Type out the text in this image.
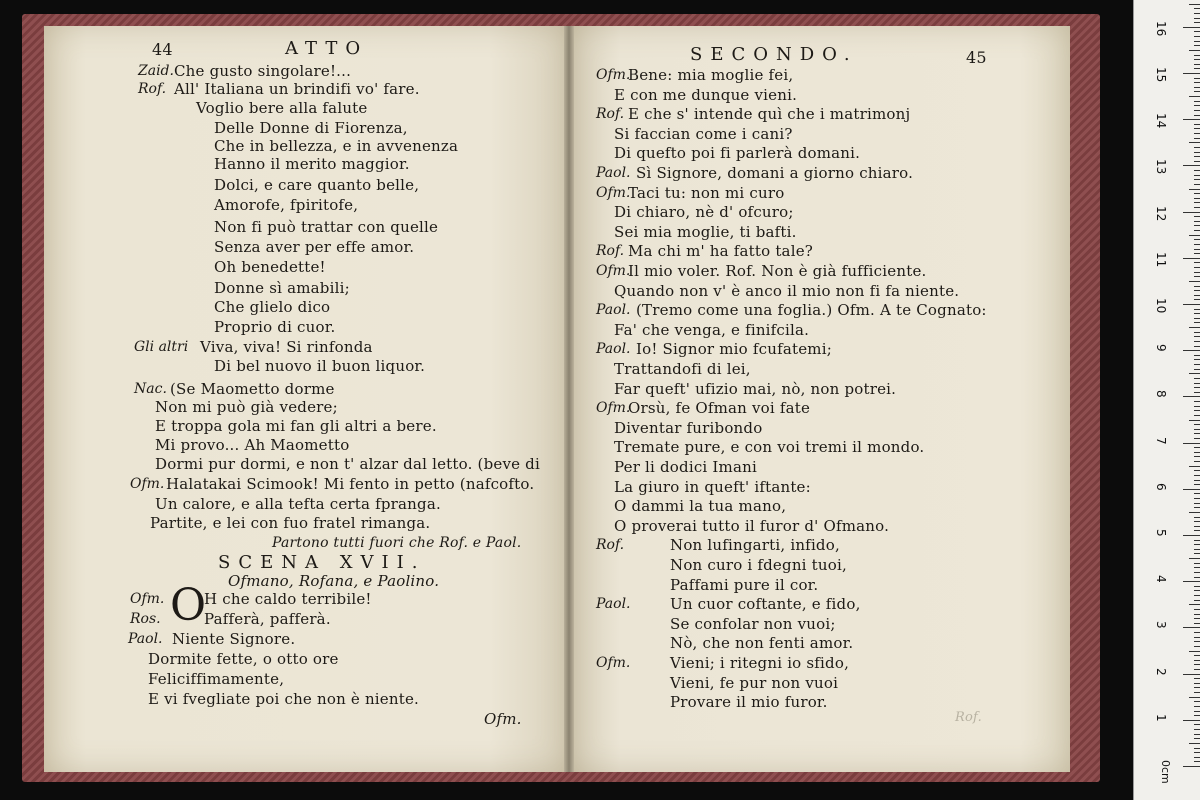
44	ATTO
Zaid. Che gusto singolare!...
Rof. All' Italiana un brindifi vo' fare.
Voglio bere alla falute
Delle Donne di Fiorenza,
Che in bellezza, e in avvenenza
Hanno il merito maggior.
Dolci, e care quanto belle,
Amorofe, fpiritofe,
Non fi può trattar con quelle
Senza aver per effe amor.
Oh benedette!
Donne sì amabili;
Che glielo dico
Proprio di cuor.
Gli altri Viva, viva! Si rinfonda
Di bel nuovo il buon liquor.
Nac. (Se Maometto dorme
Non mi può già vedere;
E troppa gola mi fan gli altri a bere.
Mi provo... Ah Maometto
Dormi pur dormi, e non t' alzar dal letto. (beve di
Ofm. Halatakai Scimook! Mi fento in petto (nafcofto.
Un calore, e alla tefta certa fpranga.
Partite, e lei con fuo fratel rimanga.
Partono tutti fuori che Rof. e Paol.
SCENA XVII.
Ofmano, Rofana, e Paolino.
O
Ofm.	H che caldo terribile!
Ros.	Pafferà, pafferà.
Paol. Niente Signore.
Dormite fette, o otto ore
Feliciffimamente,
E vi fvegliate poi che non è niente.
Ofm.
SECONDO.	45
Ofm.
Bene: mia moglie fei,
E con me dunque vieni.
Rof. E che s' intende quì che i matrimonj
Si faccian come i cani?
Di quefto poi fi parlerà domani.
Paol. Sì Signore, domani a giorno chiaro.
Ofm.
Taci tu: non mi curo
Di chiaro, nè d' ofcuro;
Sei mia moglie, ti bafti.
Rof. Ma chi m' ha fatto tale?
Ofm.
Il mio voler. Rof. Non è già fufficiente.
Quando non v' è anco il mio non fi fa niente.
Paol. (Tremo come una foglia.) Ofm. A te Cognato:
Fa' che venga, e finifcila.
Paol. Io! Signor mio fcufatemi;
Trattandofi di lei,
Far queft' ufizio mai, nò, non potrei.
Ofm.
Orsù, fe Ofman voi fate
Diventar furibondo
Tremate pure, e con voi tremi il mondo.
Per li dodici Imani
La giuro in queft' iftante:
O dammi la tua mano,
O proverai tutto il furor d' Ofmano.
Rof.	Non lufingarti, infido,
Non curo i fdegni tuoi,
Paffami pure il cor.
Paol.	Un cuor coftante, e fido,
Se confolar non vuoi;
Nò, che non fenti amor.
Ofm.	Vieni; i ritegni io sfido,
Vieni, fe pur non vuoi
Provare il mio furor.
Rof.	1
2
3
4
5
6
7
8
9
10
11
12
13
14
15
16
0cm
